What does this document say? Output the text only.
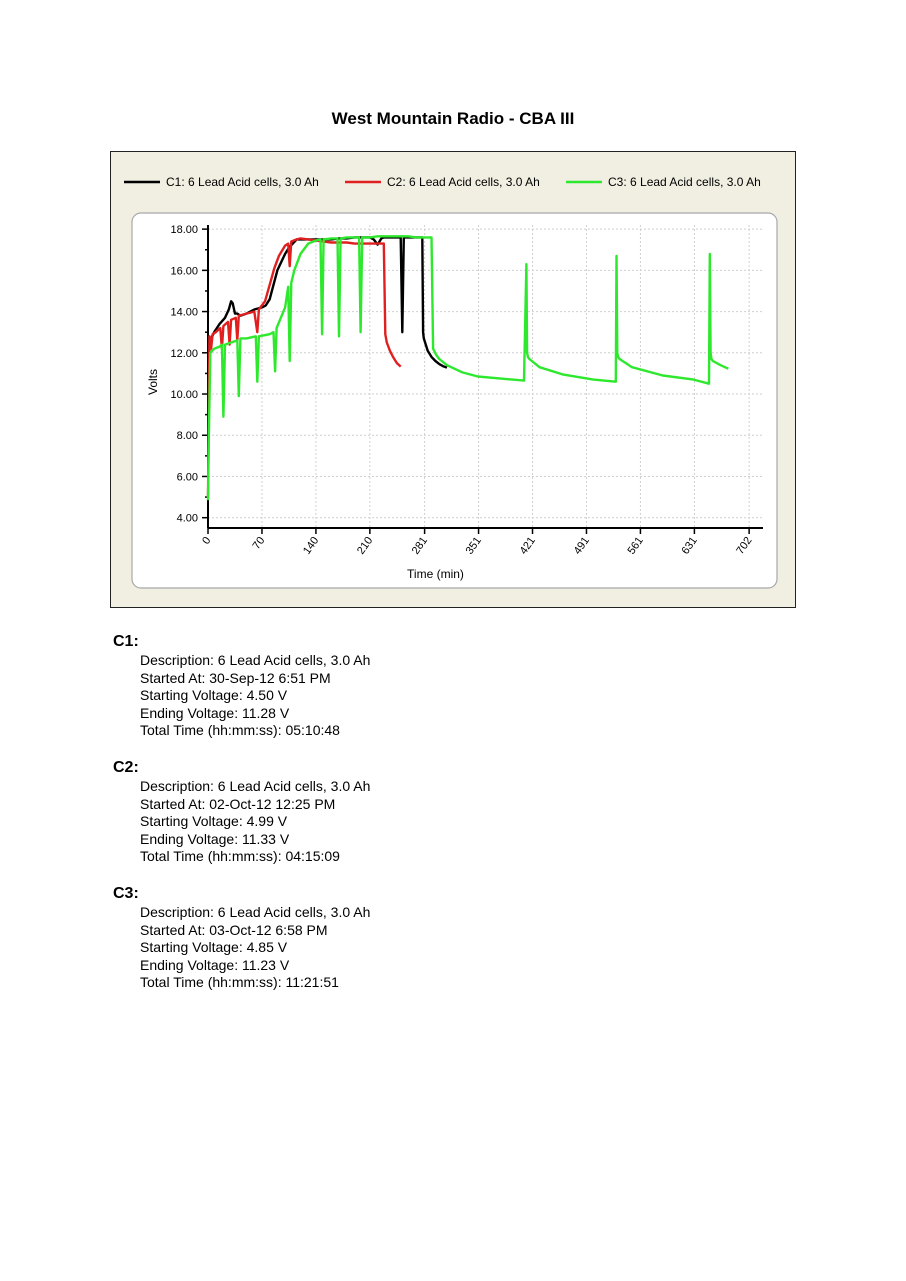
West Mountain Radio - CBA III
4.00
6.00
8.00
10.00
12.00
14.00
16.00
18.00
0	70	140	210	281	351	421	491	561	631	702
Time (min)
Volts
C1: 6 Lead Acid cells, 3.0 Ah	C2: 6 Lead Acid cells, 3.0 Ah	C3: 6 Lead Acid cells, 3.0 Ah
C1:
Description: 6 Lead Acid cells, 3.0 Ah
Started At: 30-Sep-12 6:51 PM
Starting Voltage: 4.50 V
Ending Voltage: 11.28 V
Total Time (hh:mm:ss): 05:10:48
C2:
Description: 6 Lead Acid cells, 3.0 Ah
Started At: 02-Oct-12 12:25 PM
Starting Voltage: 4.99 V
Ending Voltage: 11.33 V
Total Time (hh:mm:ss): 04:15:09
C3:
Description: 6 Lead Acid cells, 3.0 Ah
Started At: 03-Oct-12 6:58 PM
Starting Voltage: 4.85 V
Ending Voltage: 11.23 V
Total Time (hh:mm:ss): 11:21:51
